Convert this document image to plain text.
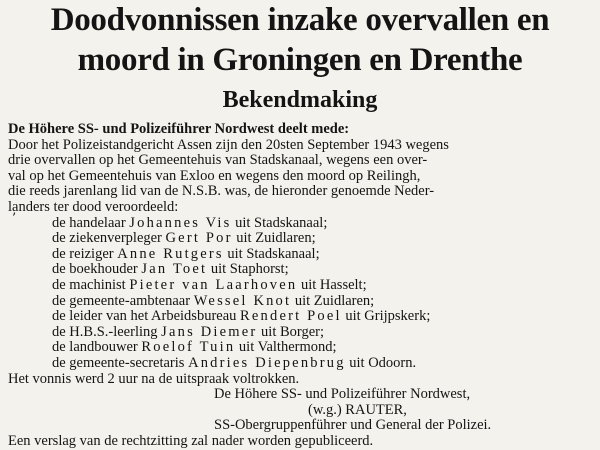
Doodvonnissen inzake overvallen en
moord in Groningen en Drenthe
Bekendmaking
’
De Höhere SS- und Polizeiführer Nordwest deelt mede:
Door het Polizeistandgericht Assen zijn den 20sten September 1943 wegens
drie overvallen op het Gemeentehuis van Stadskanaal, wegens een over-
val op het Gemeentehuis van Exloo en wegens den moord op Reilingh,
die reeds jarenlang lid van de N.S.B. was, de hieronder genoemde Neder-
landers ter dood veroordeeld:
de handelaar Johannes Vis uit Stadskanaal;
de ziekenverpleger Gert Por uit Zuidlaren;
de reiziger Anne Rutgers uit Stadskanaal;
de boekhouder Jan Toet uit Staphorst;
de machinist Pieter van Laarhoven uit Hasselt;
de gemeente-ambtenaar Wessel Knot uit Zuidlaren;
de leider van het Arbeidsbureau Rendert Poel uit Grijpskerk;
de H.B.S.-leerling Jans Diemer uit Borger;
de landbouwer Roelof Tuin uit Valthermond;
de gemeente-secretaris Andries Diepenbrug uit Odoorn.
Het vonnis werd 2 uur na de uitspraak voltrokken.
De Höhere SS- und Polizeiführer Nordwest,
(w.g.) RAUTER,
SS-Obergruppenführer und General der Polizei.
Een verslag van de rechtzitting zal nader worden gepubliceerd.
